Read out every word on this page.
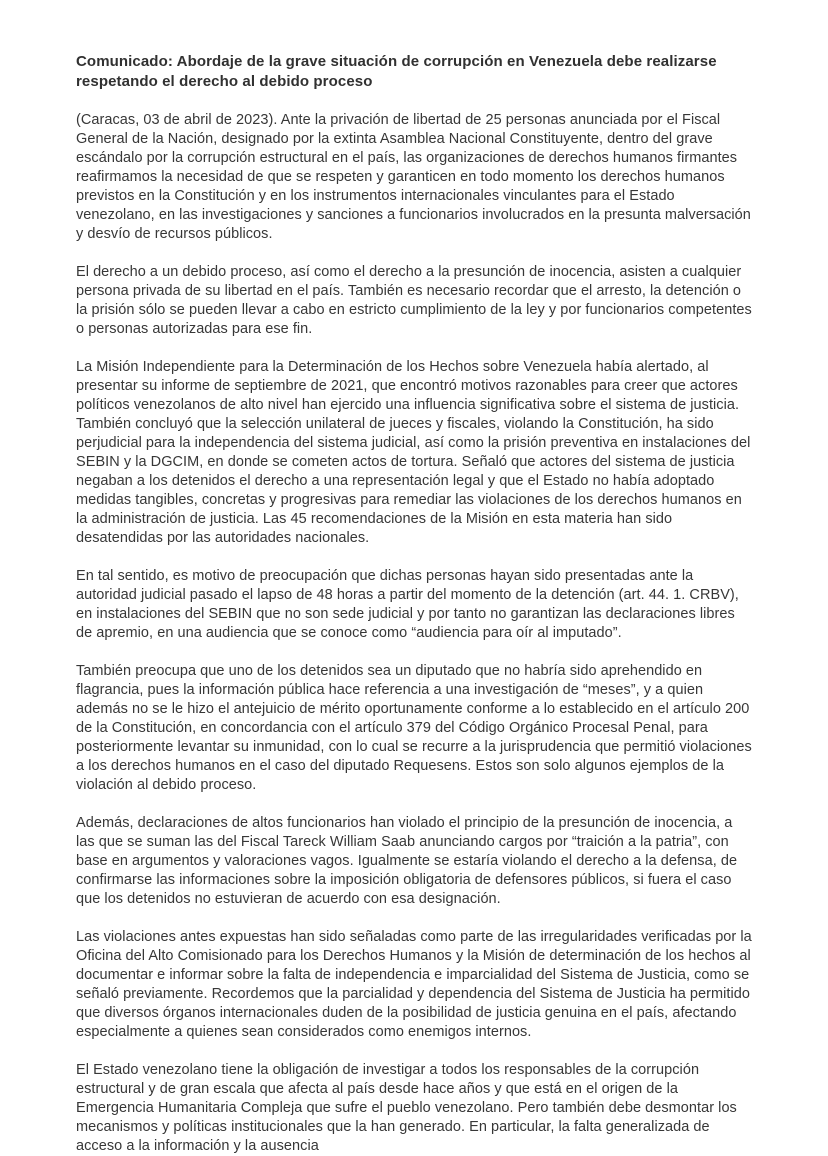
Comunicado: Abordaje de la grave situación de corrupción en Venezuela debe realizarse respetando el derecho al debido proceso

(Caracas, 03 de abril de 2023). Ante la privación de libertad de 25 personas anunciada por el Fiscal General de la Nación, designado por la extinta Asamblea Nacional Constituyente, dentro del grave escándalo por la corrupción estructural en el país, las organizaciones de derechos humanos firmantes reafirmamos la necesidad de que se respeten y garanticen en todo momento los derechos humanos previstos en la Constitución y en los instrumentos internacionales vinculantes para el Estado venezolano, en las investigaciones y sanciones a funcionarios involucrados en la presunta malversación y desvío de recursos públicos.

El derecho a un debido proceso, así como el derecho a la presunción de inocencia, asisten a cualquier persona privada de su libertad en el país. También es necesario recordar que el arresto, la detención o la prisión sólo se pueden llevar a cabo en estricto cumplimiento de la ley y por funcionarios competentes o personas autorizadas para ese fin.

La Misión Independiente para la Determinación de los Hechos sobre Venezuela había alertado, al presentar su informe de septiembre de 2021, que encontró motivos razonables para creer que actores políticos venezolanos de alto nivel han ejercido una influencia significativa sobre el sistema de justicia. También concluyó que la selección unilateral de jueces y fiscales, violando la Constitución, ha sido perjudicial para la independencia del sistema judicial, así como la prisión preventiva en instalaciones del SEBIN y la DGCIM, en donde se cometen actos de tortura. Señaló que actores del sistema de justicia negaban a los detenidos el derecho a una representación legal y que el Estado no había adoptado medidas tangibles, concretas y progresivas para remediar las violaciones de los derechos humanos en la administración de justicia. Las 45 recomendaciones de la Misión en esta materia han sido desatendidas por las autoridades nacionales.

En tal sentido, es motivo de preocupación que dichas personas hayan sido presentadas ante la autoridad judicial pasado el lapso de 48 horas a partir del momento de la detención (art. 44. 1. CRBV), en instalaciones del SEBIN que no son sede judicial y por tanto no garantizan las declaraciones libres de apremio, en una audiencia que se conoce como “audiencia para oír al imputado”.

También preocupa que uno de los detenidos sea un diputado que no habría sido aprehendido en flagrancia, pues la información pública hace referencia a una investigación de “meses”, y a quien además no se le hizo el antejuicio de mérito oportunamente conforme a lo establecido en el artículo 200 de la Constitución, en concordancia con el artículo 379 del Código Orgánico Procesal Penal, para posteriormente levantar su inmunidad, con lo cual se recurre a la jurisprudencia que permitió violaciones a los derechos humanos en el caso del diputado Requesens. Estos son solo algunos ejemplos de la violación al debido proceso.

Además, declaraciones de altos funcionarios han violado el principio de la presunción de inocencia, a las que se suman las del Fiscal Tareck William Saab anunciando cargos por “traición a la patria”, con base en argumentos y valoraciones vagos. Igualmente se estaría violando el derecho a la defensa, de confirmarse las informaciones sobre la imposición obligatoria de defensores públicos, si fuera el caso que los detenidos no estuvieran de acuerdo con esa designación.

Las violaciones antes expuestas han sido señaladas como parte de las irregularidades verificadas por la Oficina del Alto Comisionado para los Derechos Humanos y la Misión de determinación de los hechos al documentar e informar sobre la falta de independencia e imparcialidad del Sistema de Justicia, como se señaló previamente. Recordemos que la parcialidad y dependencia del Sistema de Justicia ha permitido que diversos órganos internacionales duden de la posibilidad de justicia genuina en el país, afectando especialmente a quienes sean considerados como enemigos internos.

El Estado venezolano tiene la obligación de investigar a todos los responsables de la corrupción estructural y de gran escala que afecta al país desde hace años y que está en el origen de la Emergencia Humanitaria Compleja que sufre el pueblo venezolano. Pero también debe desmontar los mecanismos y políticas institucionales que la han generado. En particular, la falta generalizada de acceso a la información y la ausencia
